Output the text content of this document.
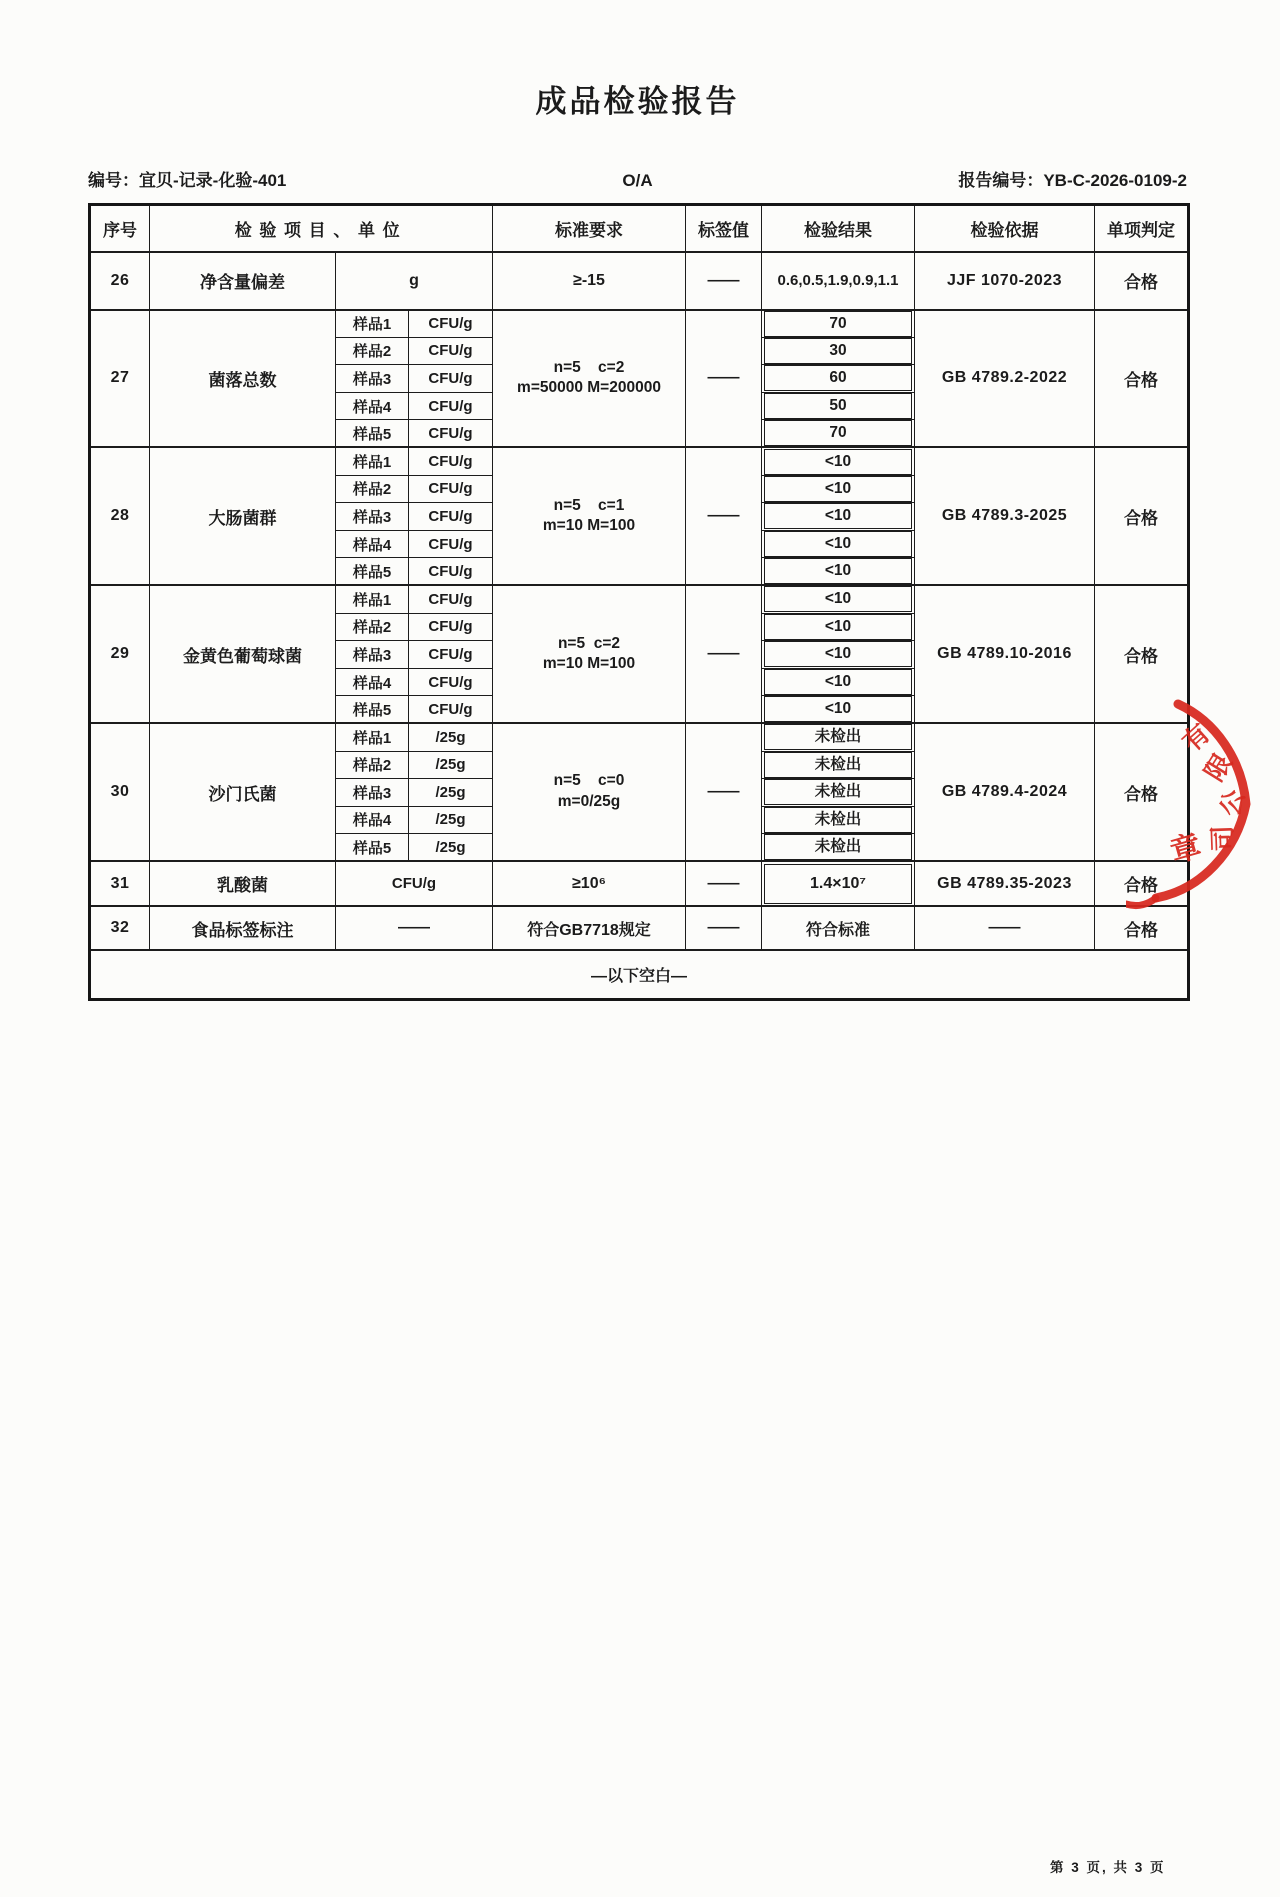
成品检验报告
编号：宜贝-记录-化验-401	O/A	报告编号：YB-C-2026-0109-2
序号	检验项目、单位			标准要求	标签值	检验结果	检验依据	单项判定
26	净含量偏差	g		≥-15	——	0.6,0.5,1.9,0.9,1.1	JJF 1070-2023	合格
27	菌落总数	样品1	CFU/g	n=5    c=2
m=50000 M=200000	——	70	GB 4789.2-2022	合格
		样品2	CFU/g			30		

		样品3	CFU/g			60		

		样品4	CFU/g			50		

		样品5	CFU/g			70		

28	大肠菌群	样品1	CFU/g	n=5    c=1
m=10 M=100	——	<10	GB 4789.3-2025	合格
		样品2	CFU/g			<10		

		样品3	CFU/g			<10		

		样品4	CFU/g			<10		

		样品5	CFU/g			<10		

29	金黄色葡萄球菌	样品1	CFU/g	n=5  c=2
m=10 M=100	——	<10	GB 4789.10-2016	合格
		样品2	CFU/g			<10		

		样品3	CFU/g			<10		

		样品4	CFU/g			<10		

		样品5	CFU/g			<10		

30	沙门氏菌	样品1	/25g	n=5    c=0
m=0/25g	——	未检出	GB 4789.4-2024	合格
		样品2	/25g			未检出		

		样品3	/25g			未检出		

		样品4	/25g			未检出		

		样品5	/25g			未检出		

31	乳酸菌	CFU/g		≥10⁶	——	1.4×10⁷	GB 4789.35-2023	合格
32	食品标签标注	——		符合GB7718规定	——	符合标准	——	合格
—以下空白—								
有
限
公
司
章
第 3 页, 共 3 页
